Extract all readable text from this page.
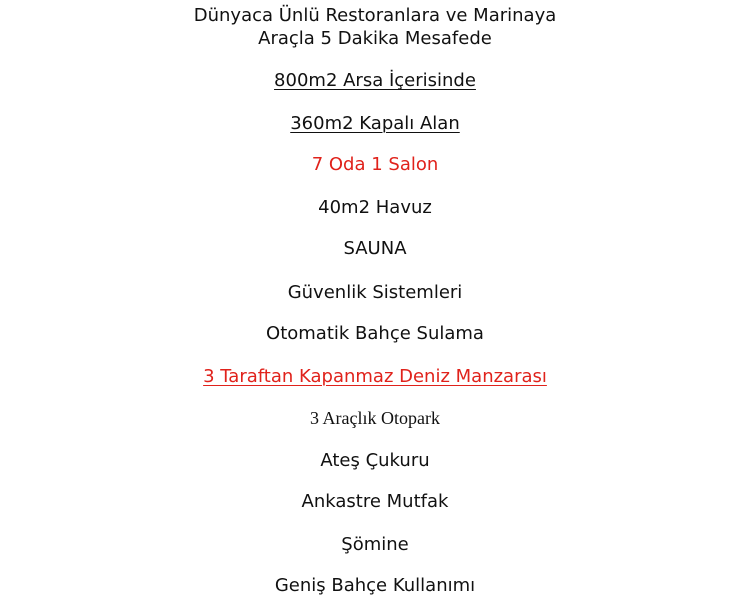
Dünyaca Ünlü Restoranlara ve Marinaya
Araçla 5 Dakika Mesafede
800m2 Arsa İçerisinde
360m2 Kapalı Alan
7 Oda 1 Salon
40m2 Havuz
SAUNA
Güvenlik Sistemleri
Otomatik Bahçe Sulama
3 Taraftan Kapanmaz Deniz Manzarası
3 Araçlık Otopark
Ateş Çukuru
Ankastre Mutfak
Şömine
Geniş Bahçe Kullanımı
